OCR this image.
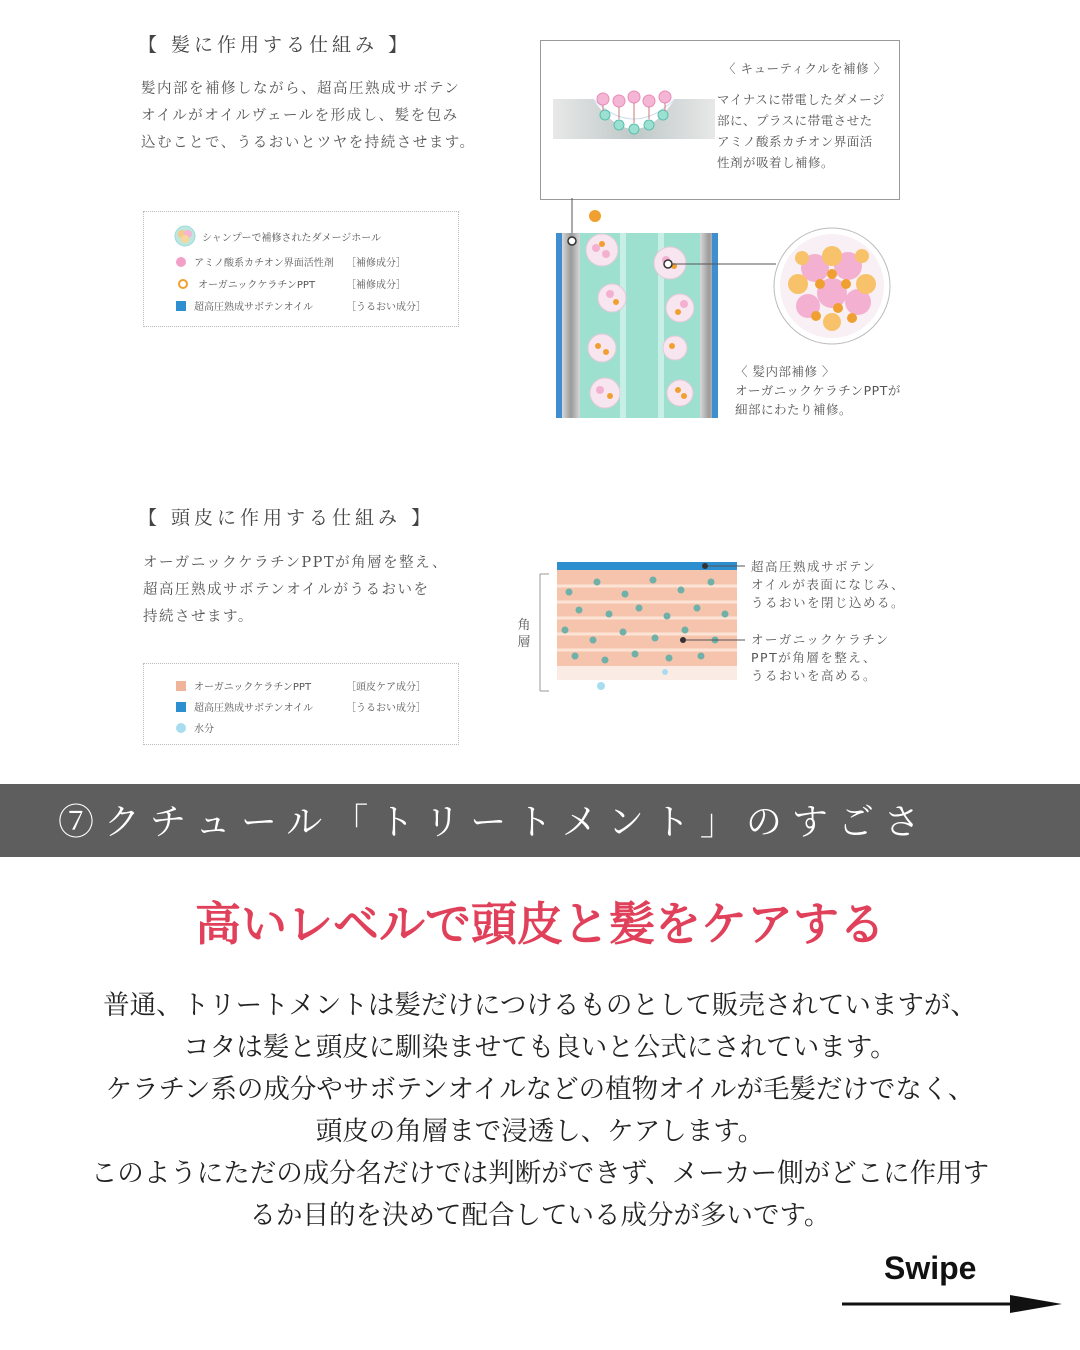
【 髪に作用する仕組み 】
髪内部を補修しながら、超高圧熟成サボテン
オイルがオイルヴェールを形成し、髪を包み
込むことで、うるおいとツヤを持続させます。
シャンプーで補修されたダメージホール
アミノ酸系カチオン界面活性剤 ［補修成分］
オーガニックケラチンPPT	［補修成分］
超高圧熟成サボテンオイル	［うるおい成分］
〈 キューティクルを補修 〉
マイナスに帯電したダメージ
部に、プラスに帯電させた
アミノ酸系カチオン界面活
性剤が吸着し補修。
〈 髪内部補修 〉
オーガニックケラチンPPTが
細部にわたり補修。
【 頭皮に作用する仕組み 】
オーガニックケラチンPPTが角層を整え、
超高圧熟成サボテンオイルがうるおいを
持続させます。
オーガニックケラチンPPT	［頭皮ケア成分］
超高圧熟成サボテンオイル	［うるおい成分］
水分
角層
超高圧熟成サボテン
オイルが表面になじみ、
うるおいを閉じ込める。
オーガニックケラチン
PPTが角層を整え、
うるおいを高める。
⑦クチュール「トリートメント」のすごさ
高いレベルで頭皮と髪をケアする
普通、トリートメントは髪だけにつけるものとして販売されていますが、
コタは髪と頭皮に馴染ませても良いと公式にされています。
ケラチン系の成分やサボテンオイルなどの植物オイルが毛髪だけでなく、
頭皮の角層まで浸透し、ケアします。
このようにただの成分名だけでは判断ができず、メーカー側がどこに作用す
るか目的を決めて配合している成分が多いです。
Swipe
